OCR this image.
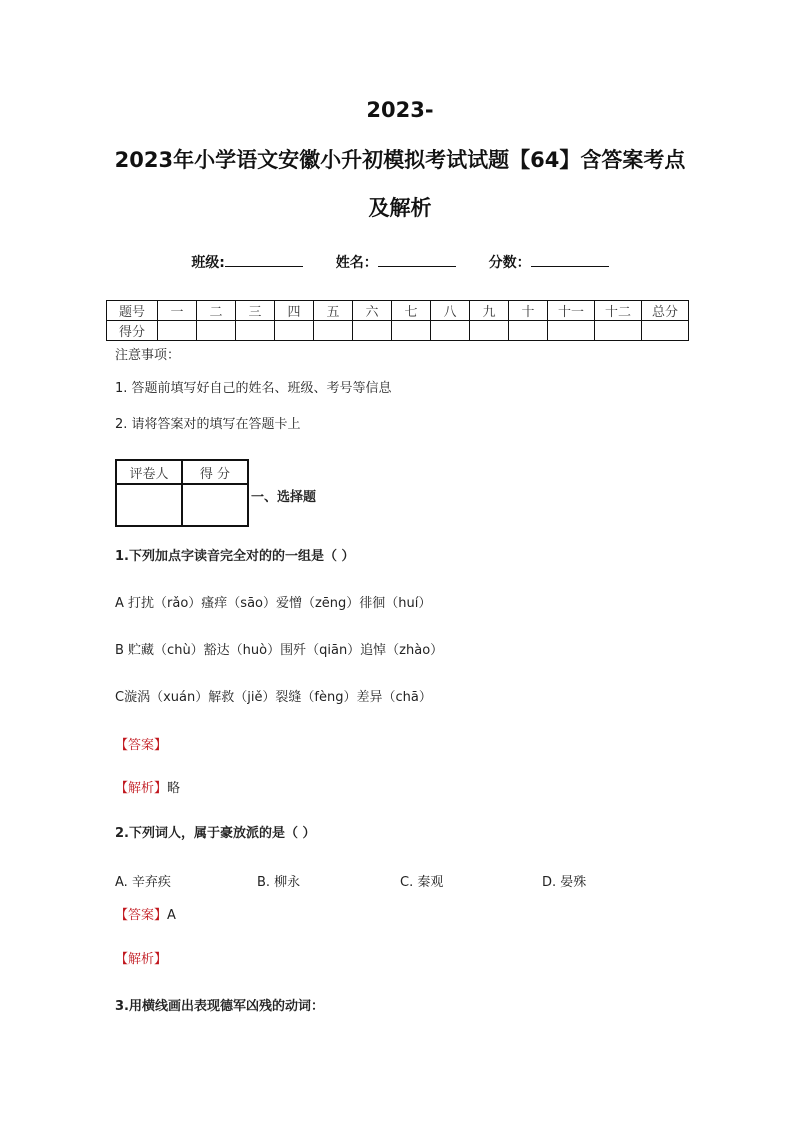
2023-
2023年小学语文安徽小升初模拟考试试题【64】含答案考点
及解析
班级:	姓名：	分数：
题号	一	二	三	四	五	六	七	八	九	十	十一	十二	总分
得分													
注意事项：
1. 答题前填写好自己的姓名、班级、考号等信息
2. 请将答案对的填写在答题卡上
评卷人	得 分

一、选择题
1.下列加点字读音完全对的的一组是（ ）
A 打扰（rǎo）瘙痒（sāo）爱憎（zēng）徘徊（huí）
B 贮藏（chù）豁达（huò）围歼（qiān）追悼（zhào）
C漩涡（xuán）解救（jiě）裂缝（fèng）差异（chā）
【答案】
【解析】略
2.下列词人，属于豪放派的是（ ）
A. 辛弃疾	B. 柳永	C. 秦观	D. 晏殊
【答案】A
【解析】
3.用横线画出表现德军凶残的动词：
